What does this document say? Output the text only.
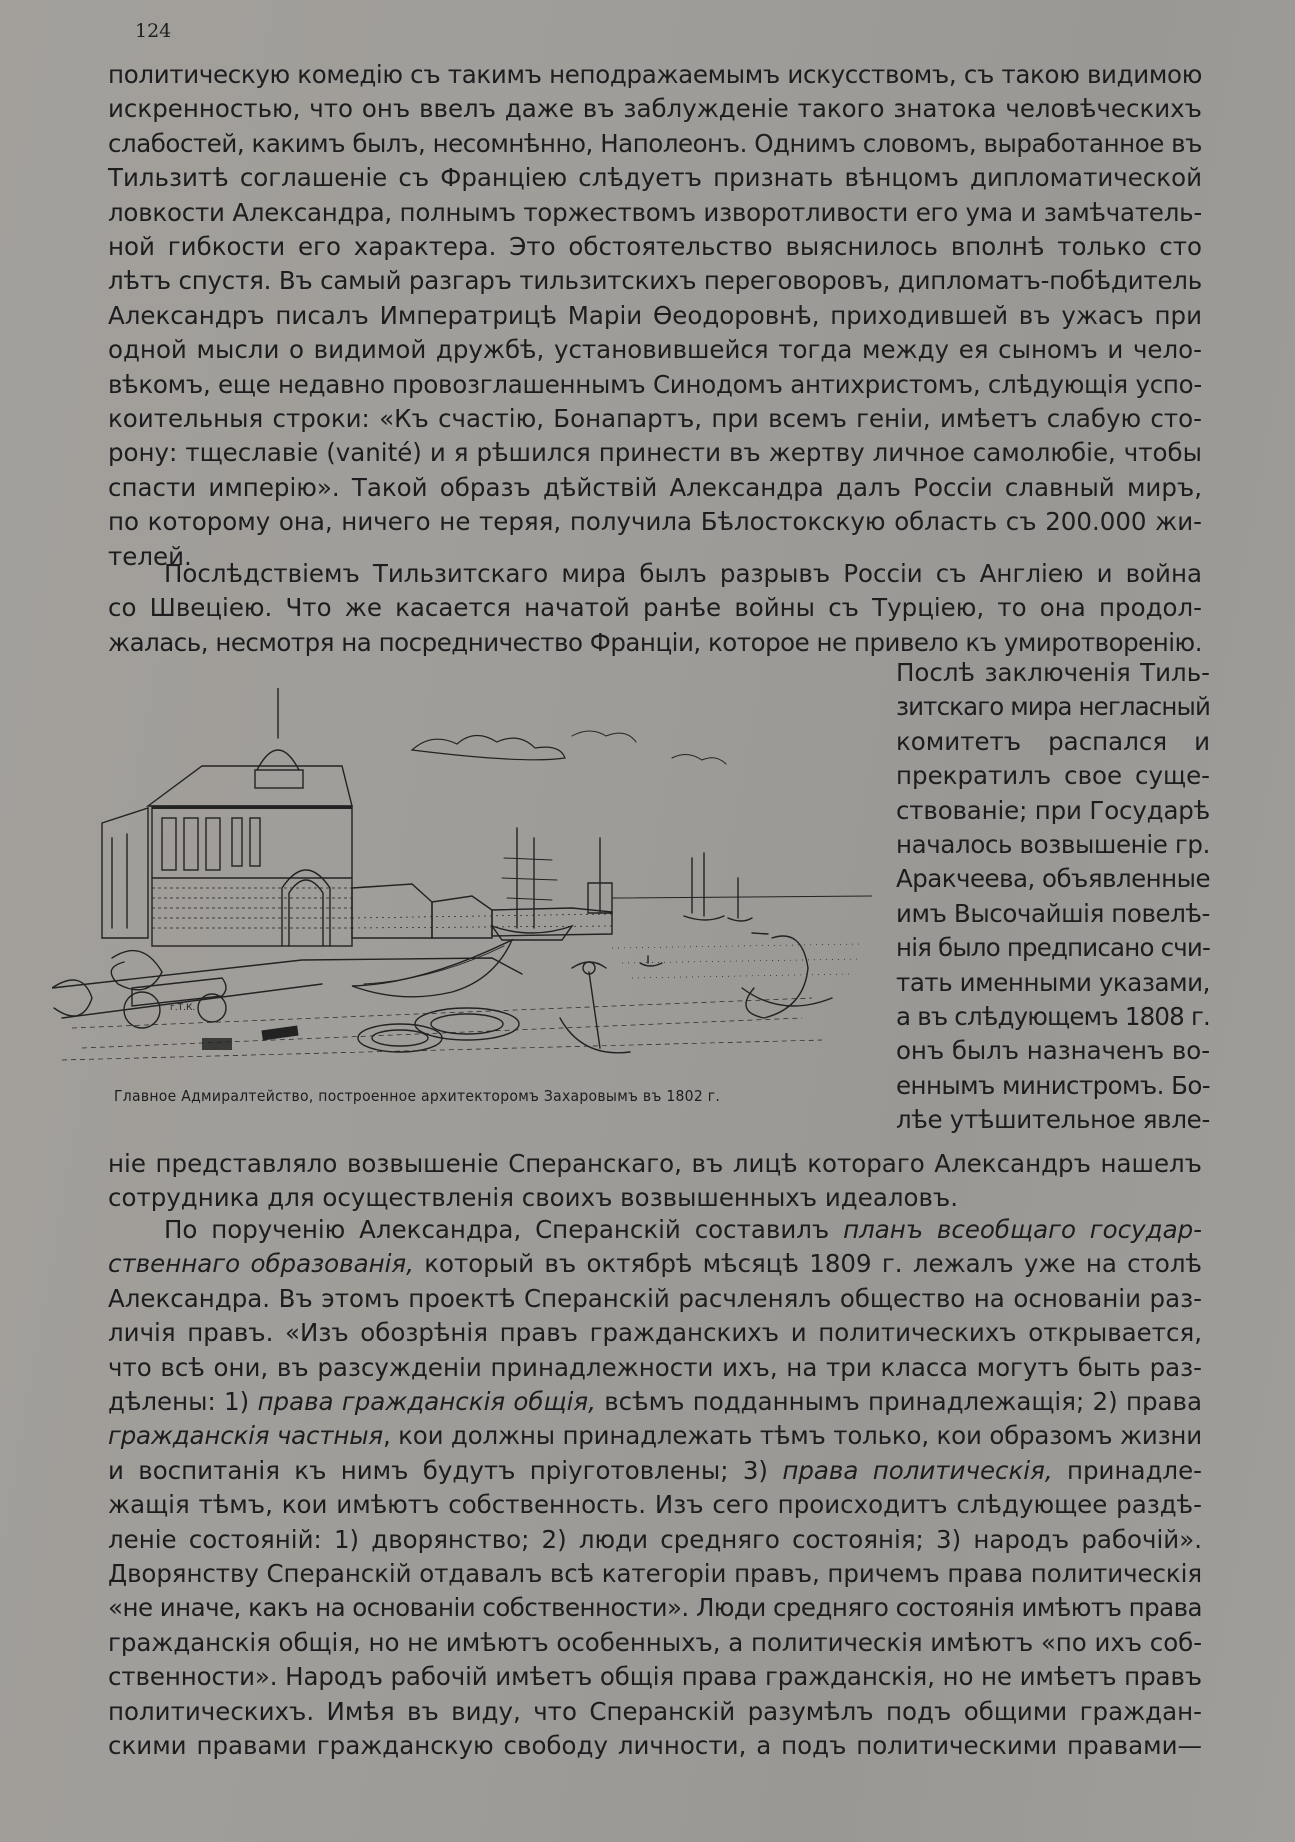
124
политическую комедію съ такимъ неподражаемымъ искусствомъ, съ такою видимою
искренностью, что онъ ввелъ даже въ заблужденіе такого знатока человѣческихъ
слабостей, какимъ былъ, несомнѣнно, Наполеонъ. Однимъ словомъ, выработанное въ
Тильзитѣ соглашеніе съ Франціею слѣдуетъ признать вѣнцомъ дипломатической
ловкости Александра, полнымъ торжествомъ изворотливости его ума и замѣчатель-
ной гибкости его характера. Это обстоятельство выяснилось вполнѣ только сто
лѣтъ спустя. Въ самый разгаръ тильзитскихъ переговоровъ, дипломатъ-побѣдитель
Александръ писалъ Императрицѣ Маріи Ѳеодоровнѣ, приходившей въ ужасъ при
одной мысли о видимой дружбѣ, установившейся тогда между ея сыномъ и чело-
вѣкомъ, еще недавно провозглашеннымъ Синодомъ антихристомъ, слѣдующія успо-
коительныя строки: «Къ счастію, Бонапартъ, при всемъ геніи, имѣетъ слабую сто-
рону: тщеславіе (vanité) и я рѣшился принести въ жертву личное самолюбіе, чтобы
спасти имперію». Такой образъ дѣйствій Александра далъ Россіи славный миръ,
по которому она, ничего не теряя, получила Бѣлостокскую область съ 200.000 жи-
телей.
Послѣдствіемъ Тильзитскаго мира былъ разрывъ Россіи съ Англіею и война
со Швеціею. Что же касается начатой ранѣе войны съ Турціею, то она продол-
жалась, несмотря на посредничество Франціи, которое не привело къ умиротворенію.
г.Т.К.
Главное Адмиралтейство, построенное архитекторомъ Захаровымъ въ 1802 г.
Послѣ заключенія Тиль-
зитскаго мира негласный
комитетъ распался и
прекратилъ свое суще-
ствованіе; при Государѣ
началось возвышеніе гр.
Аракчеева, объявленные
имъ Высочайшія повелѣ-
нія было предписано счи-
тать именными указами,
а въ слѣдующемъ 1808 г.
онъ былъ назначенъ во-
еннымъ министромъ. Бо-
лѣе утѣшительное явле-
ніе представляло возвышеніе Сперанскаго, въ лицѣ котораго Александръ нашелъ
сотрудника для осуществленія своихъ возвышенныхъ идеаловъ.
По порученію Александра, Сперанскій составилъ планъ всеобщаго государ-
ственнаго образованія, который въ октябрѣ мѣсяцѣ 1809 г. лежалъ уже на столѣ
Александра. Въ этомъ проектѣ Сперанскій расчленялъ общество на основаніи раз-
личія правъ. «Изъ обозрѣнія правъ гражданскихъ и политическихъ открывается,
что всѣ они, въ разсужденіи принадлежности ихъ, на три класса могутъ быть раз-
дѣлены: 1) права гражданскія общія, всѣмъ подданнымъ принадлежащія; 2) права
гражданскія частныя, кои должны принадлежать тѣмъ только, кои образомъ жизни
и воспитанія къ нимъ будутъ пріуготовлены; 3) права политическія, принадле-
жащія тѣмъ, кои имѣютъ собственность. Изъ сего происходитъ слѣдующее раздѣ-
леніе состояній: 1) дворянство; 2) люди средняго состоянія; 3) народъ рабочій».
Дворянству Сперанскій отдавалъ всѣ категоріи правъ, причемъ права политическія
«не иначе, какъ на основаніи собственности». Люди средняго состоянія имѣютъ права
гражданскія общія, но не имѣютъ особенныхъ, а политическія имѣютъ «по ихъ соб-
ственности». Народъ рабочій имѣетъ общія права гражданскія, но не имѣетъ правъ
политическихъ. Имѣя въ виду, что Сперанскій разумѣлъ подъ общими граждан-
скими правами гражданскую свободу личности, а подъ политическими правами—
